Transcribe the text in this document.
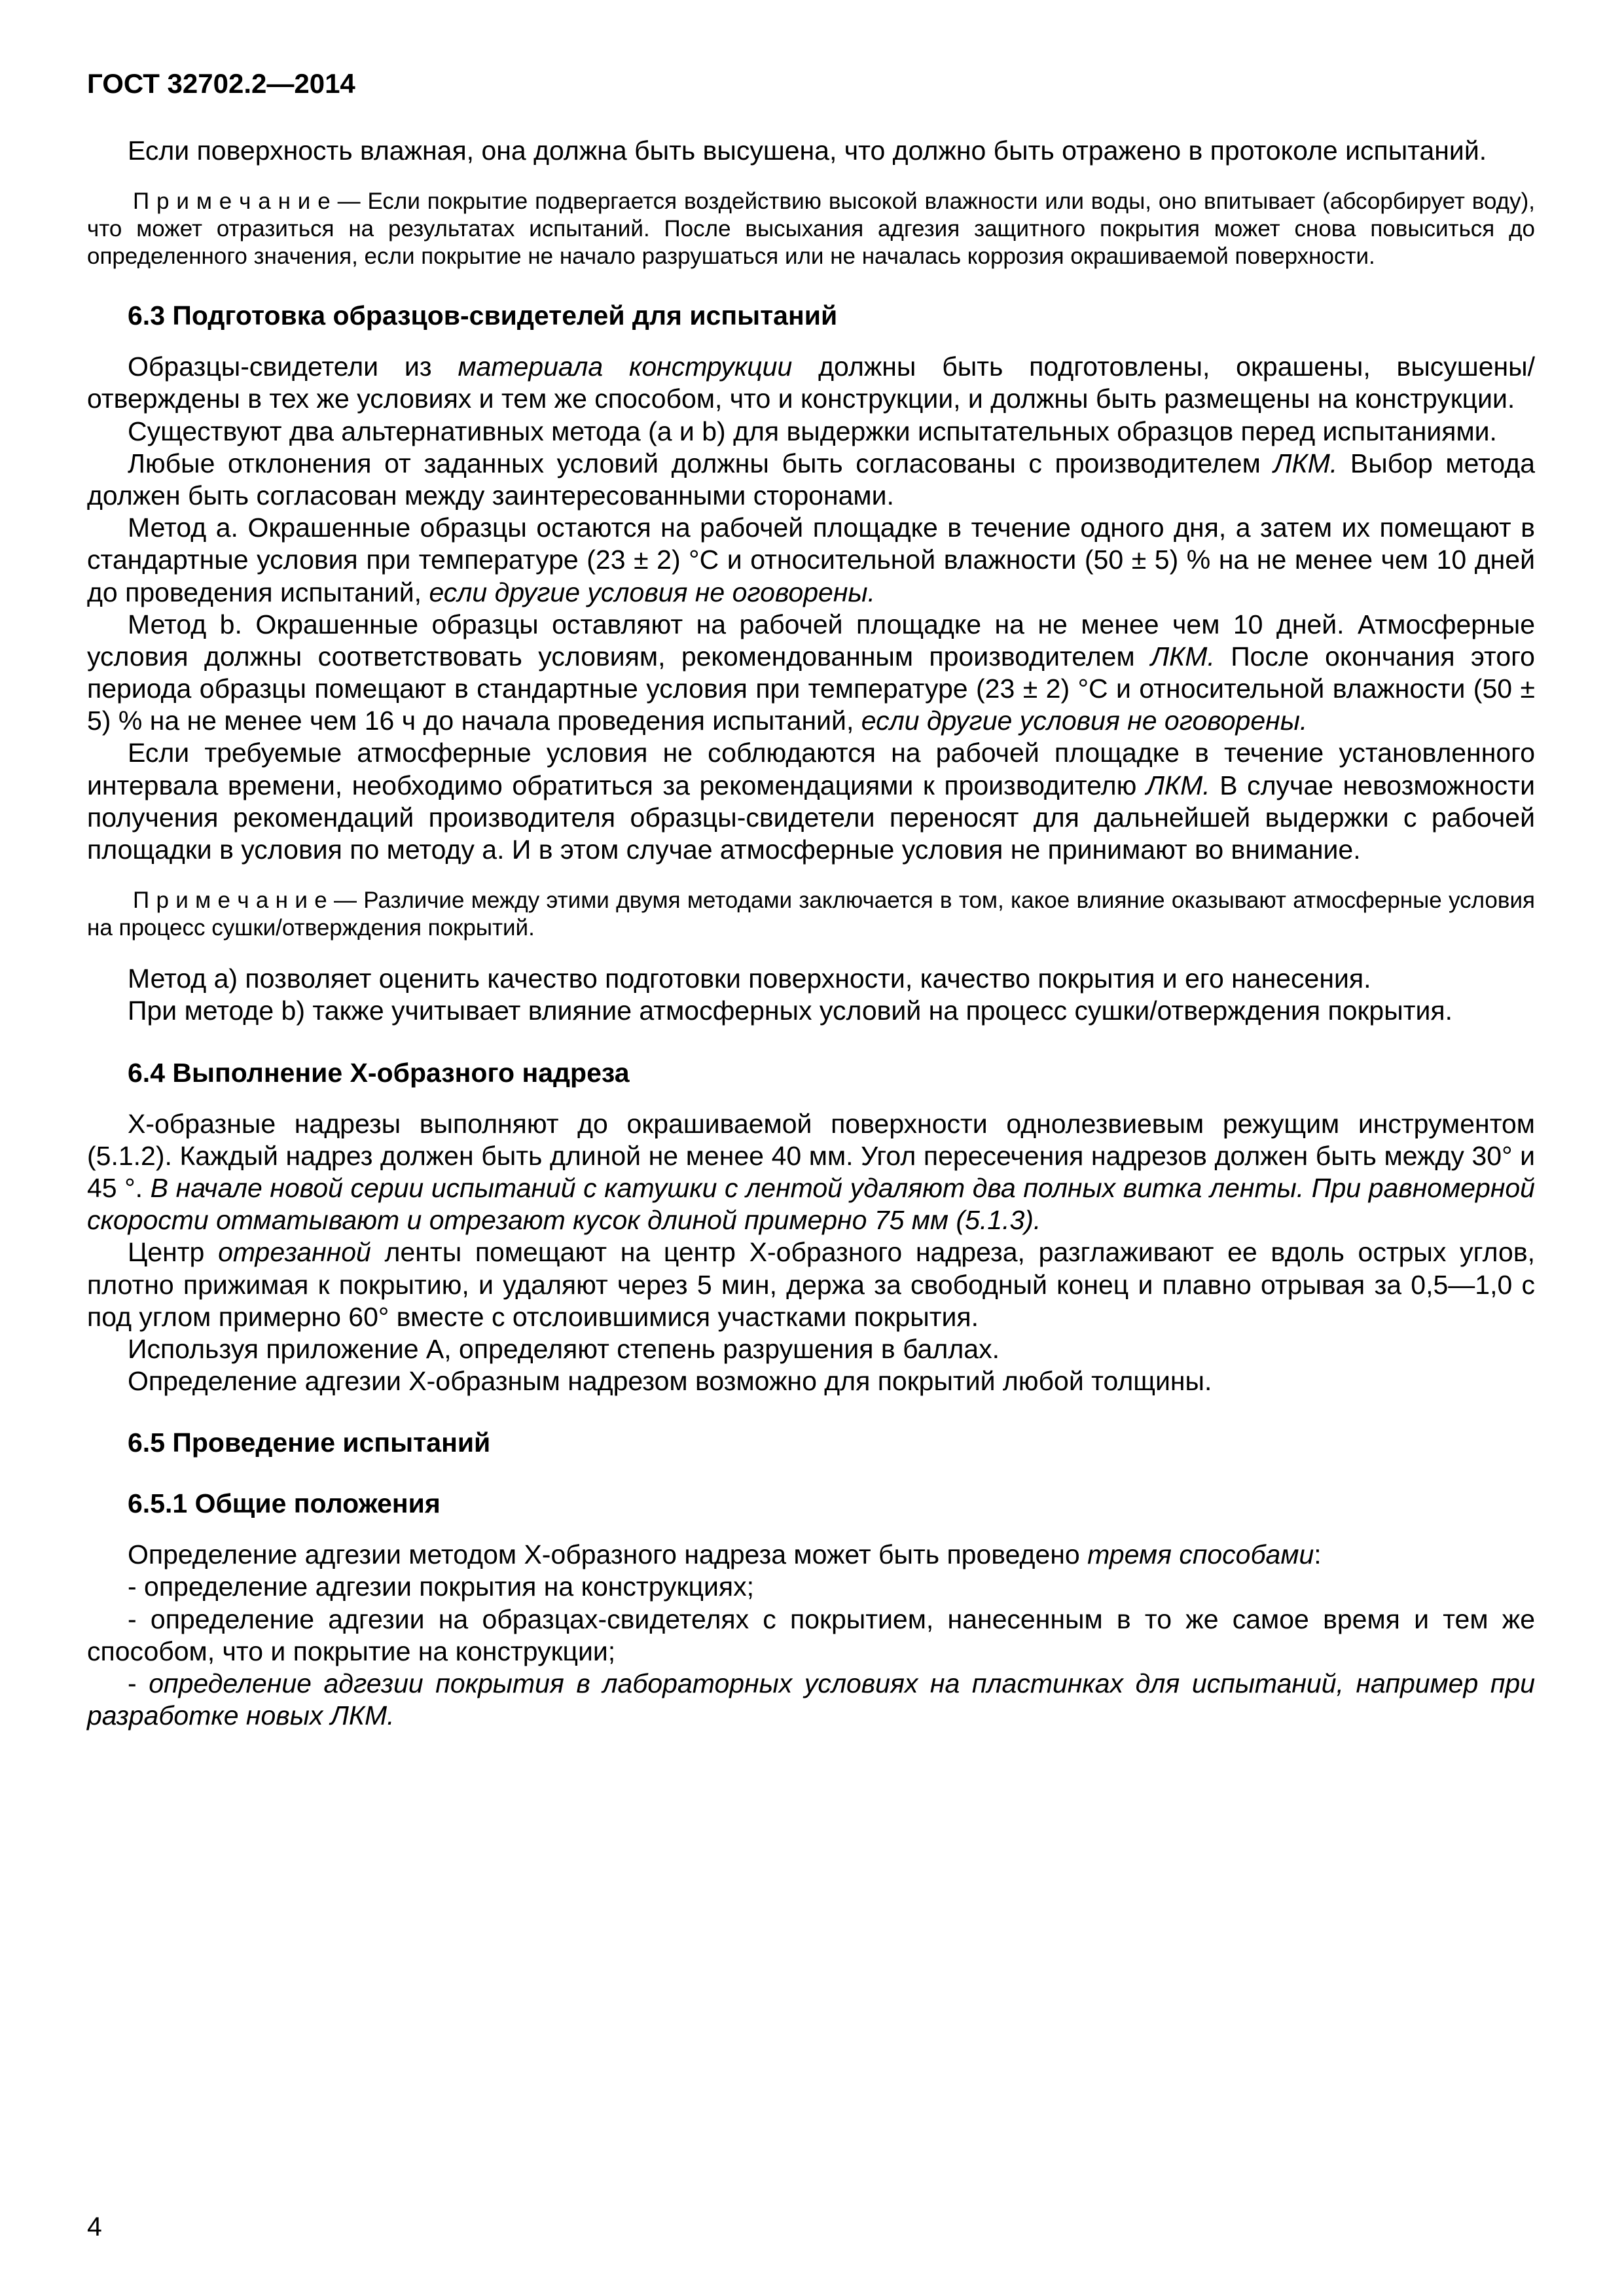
ГОСТ 32702.2—2014

Если поверхность влажная, она должна быть высушена, что должно быть отражено в протоколе испытаний.

П р и м е ч а н и е — Если покрытие подвергается воздействию высокой влажности или воды, оно впитывает (абсорбирует воду), что может отразиться на результатах испытаний. После высыхания адгезия защитного покрытия может снова повыситься до определенного значения, если покрытие не начало разрушаться или не началась коррозия окрашиваемой поверхности.

6.3 Подготовка образцов-свидетелей для испытаний

Образцы-свидетели из материала конструкции должны быть подготовлены, окрашены, высушены/отверждены в тех же условиях и тем же способом, что и конструкции, и должны быть размещены на конструкции.

Существуют два альтернативных метода (a и b) для выдержки испытательных образцов перед испытаниями.

Любые отклонения от заданных условий должны быть согласованы с производителем ЛКМ. Выбор метода должен быть согласован между заинтересованными сторонами.

Метод a. Окрашенные образцы остаются на рабочей площадке в течение одного дня, а затем их помещают в стандартные условия при температуре (23 ± 2) °С и относительной влажности (50 ± 5) % на не менее чем 10 дней до проведения испытаний, если другие условия не оговорены.

Метод b. Окрашенные образцы оставляют на рабочей площадке на не менее чем 10 дней. Атмосферные условия должны соответствовать условиям, рекомендованным производителем ЛКМ. После окончания этого периода образцы помещают в стандартные условия при температуре (23 ± 2) °С и относительной влажности (50 ± 5) % на не менее чем 16 ч до начала проведения испытаний, если другие условия не оговорены.

Если требуемые атмосферные условия не соблюдаются на рабочей площадке в течение установленного интервала времени, необходимо обратиться за рекомендациями к производителю ЛКМ. В случае невозможности получения рекомендаций производителя образцы-свидетели переносят для дальнейшей выдержки с рабочей площадки в условия по методу a. И в этом случае атмосферные условия не принимают во внимание.

П р и м е ч а н и е — Различие между этими двумя методами заключается в том, какое влияние оказывают атмосферные условия на процесс сушки/отверждения покрытий.

Метод a) позволяет оценить качество подготовки поверхности, качество покрытия и его нанесения.

При методе b) также учитывает влияние атмосферных условий на процесс сушки/отверждения покрытия.

6.4 Выполнение Х-образного надреза

Х-образные надрезы выполняют до окрашиваемой поверхности однолезвиевым режущим инструментом (5.1.2). Каждый надрез должен быть длиной не менее 40 мм. Угол пересечения надрезов должен быть между 30° и 45 °. В начале новой серии испытаний с катушки с лентой удаляют два полных витка ленты. При равномерной скорости отматывают и отрезают кусок длиной примерно 75 мм (5.1.3).

Центр отрезанной ленты помещают на центр Х-образного надреза, разглаживают ее вдоль острых углов, плотно прижимая к покрытию, и удаляют через 5 мин, держа за свободный конец и плавно отрывая за 0,5—1,0 с под углом примерно 60° вместе с отслоившимися участками покрытия.

Используя приложение А, определяют степень разрушения в баллах.

Определение адгезии Х-образным надрезом возможно для покрытий любой толщины.

6.5 Проведение испытаний

6.5.1 Общие положения

Определение адгезии методом Х-образного надреза может быть проведено тремя способами:

- определение адгезии покрытия на конструкциях;

- определение адгезии на образцах-свидетелях с покрытием, нанесенным в то же самое время и тем же способом, что и покрытие на конструкции;

- определение адгезии покрытия в лабораторных условиях на пластинках для испытаний, например при разработке новых ЛКМ.

4
